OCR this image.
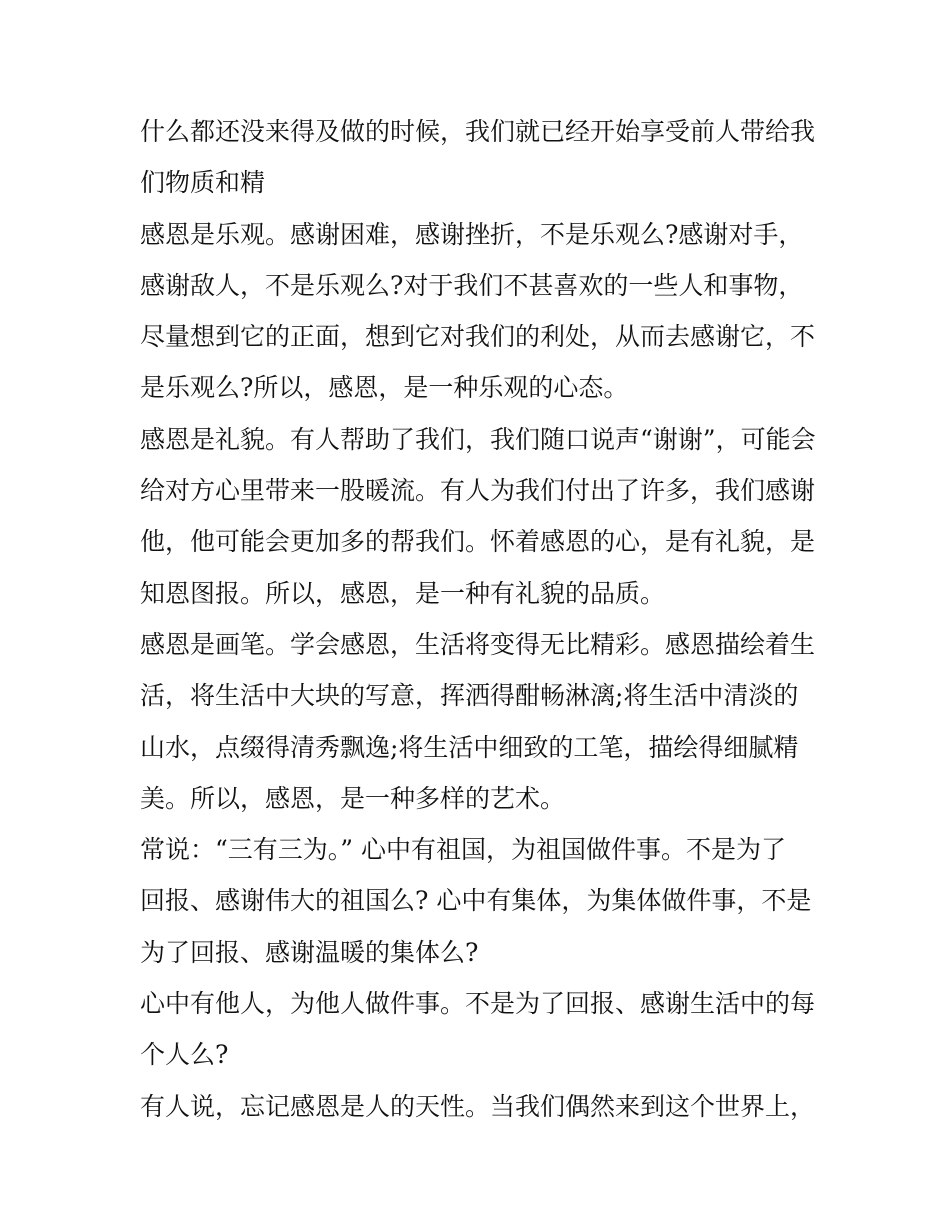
什么都还没来得及做的时候，我们就已经开始享受前人带给我
们物质和精
感恩是乐观。感谢困难，感谢挫折，不是乐观么?感谢对手，
感谢敌人，不是乐观么?对于我们不甚喜欢的一些人和事物，
尽量想到它的正面，想到它对我们的利处，从而去感谢它，不
是乐观么?所以，感恩，是一种乐观的心态。
感恩是礼貌。有人帮助了我们，我们随口说声“谢谢”，可能会
给对方心里带来一股暖流。有人为我们付出了许多，我们感谢
他，他可能会更加多的帮我们。怀着感恩的心，是有礼貌，是
知恩图报。所以，感恩，是一种有礼貌的品质。
感恩是画笔。学会感恩，生活将变得无比精彩。感恩描绘着生
活，将生活中大块的写意，挥洒得酣畅淋漓;将生活中清淡的
山水，点缀得清秀飘逸;将生活中细致的工笔，描绘得细腻精
美。所以，感恩，是一种多样的艺术。
常说：“三有三为。” 心中有祖国，为祖国做件事。不是为了
回报、感谢伟大的祖国么? 心中有集体，为集体做件事，不是
为了回报、感谢温暖的集体么?
心中有他人，为他人做件事。不是为了回报、感谢生活中的每
个人么?
有人说，忘记感恩是人的天性。当我们偶然来到这个世界上，
